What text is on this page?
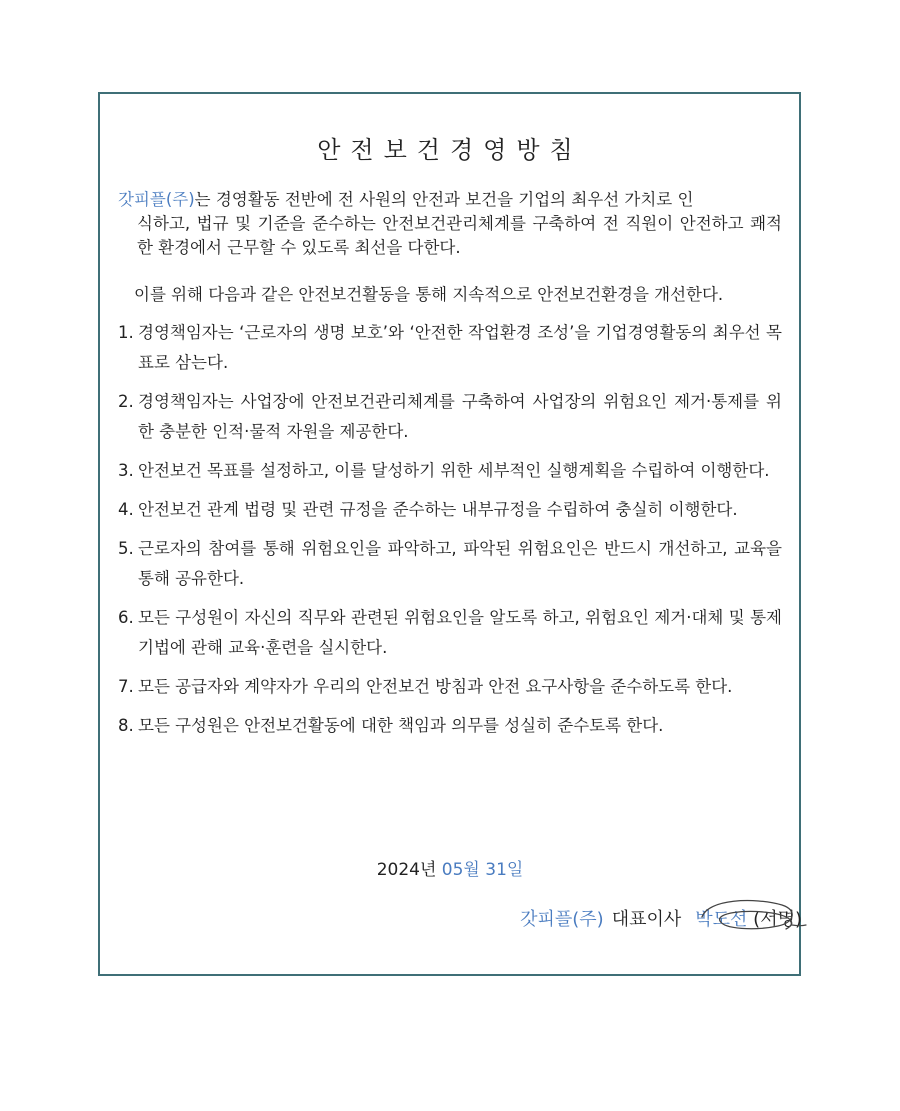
안전보건경영방침
갓피플(주)는 경영활동 전반에 전 사원의 안전과 보건을 기업의 최우선 가치로 인
식하고, 법규 및 기준을 준수하는 안전보건관리체계를 구축하여 전 직원이 안전하고 쾌적한 환경에서 근무할 수 있도록 최선을 다한다.
이를 위해 다음과 같은 안전보건활동을 통해 지속적으로 안전보건환경을 개선한다.
1. 경영책임자는 ‘근로자의 생명 보호’와 ‘안전한 작업환경 조성’을 기업경영활동의 최우선 목표로 삼는다.
2. 경영책임자는 사업장에 안전보건관리체계를 구축하여 사업장의 위험요인 제거·통제를 위한 충분한 인적·물적 자원을 제공한다.
3. 안전보건 목표를 설정하고, 이를 달성하기 위한 세부적인 실행계획을 수립하여 이행한다.
4. 안전보건 관계 법령 및 관련 규정을 준수하는 내부규정을 수립하여 충실히 이행한다.
5. 근로자의 참여를 통해 위험요인을 파악하고, 파악된 위험요인은 반드시 개선하고, 교육을 통해 공유한다.
6. 모든 구성원이 자신의 직무와 관련된 위험요인을 알도록 하고, 위험요인 제거·대체 및 통제기법에 관해 교육·훈련을 실시한다.
7. 모든 공급자와 계약자가 우리의 안전보건 방침과 안전 요구사항을 준수하도록 한다.
8. 모든 구성원은 안전보건활동에 대한 책임과 의무를 성실히 준수토록 한다.
2024년 05월 31일
갓피플(주) 대표이사 박도선 (서명)
